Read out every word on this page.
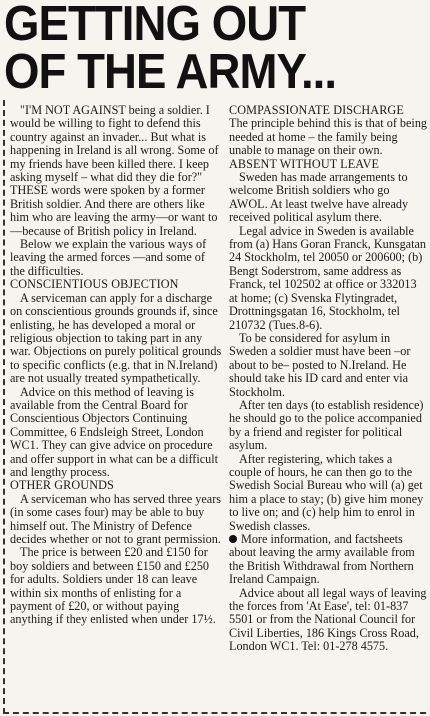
GETTING OUT
OF THE ARMY...

"I'M NOT AGAINST being a soldier. I would be willing to fight to defend this country against an invader... But what is happening in Ireland is all wrong. Some of my friends have been killed there. I keep asking myself – what did they die for?"

THESE words were spoken by a former British soldier. And there are others like him who are leaving the army—or want to—because of British policy in Ireland.

Below we explain the various ways of leaving the armed forces —and some of the difficulties.

CONSCIENTIOUS OBJECTION

A serviceman can apply for a discharge on conscientious grounds grounds if, since enlisting, he has developed a moral or religious objection to taking part in any war. Objections on purely political grounds to specific conflicts (e.g. that in N.Ireland) are not usually treated sympathetically.

Advice on this method of leaving is available from the Central Board for Conscientious Objectors Continuing Committee, 6 Endsleigh Street, London WC1. They can give advice on procedure and offer support in what can be a difficult and lengthy process.

OTHER GROUNDS

A serviceman who has served three years (in some cases four) may be able to buy himself out. The Ministry of Defence decides whether or not to grant permission.

The price is between £20 and £150 for boy soldiers and between £150 and £250 for adults. Soldiers under 18 can leave within six months of enlisting for a payment of £20, or without paying anything if they enlisted when under 17½.

COMPASSIONATE DISCHARGE

The principle behind this is that of being needed at home – the family being unable to manage on their own.

ABSENT WITHOUT LEAVE

Sweden has made arrangements to welcome British soldiers who go AWOL. At least twelve have already received political asylum there.

Legal advice in Sweden is available from (a) Hans Goran Franck, Kunsgatan 24 Stockholm, tel 20050 or 200600; (b) Bengt Soderstrom, same address as Franck, tel 102502 at office or 332013 at home; (c) Svenska Flytingradet, Drottningsgatan 16, Stockholm, tel 210732 (Tues.8-6).

To be considered for asylum in Sweden a soldier must have been –or about to be– posted to N.Ireland. He should take his ID card and enter via Stockholm.

After ten days (to establish residence) he should go to the police accompanied by a friend and register for political asylum.

After registering, which takes a couple of hours, he can then go to the Swedish Social Bureau who will (a) get him a place to stay; (b) give him money to live on; and (c) help him to enrol in Swedish classes.

More information, and factsheets about leaving the army available from the British Withdrawal from Northern Ireland Campaign.

Advice about all legal ways of leaving the forces from 'At Ease', tel: 01-837 5501 or from the National Council for Civil Liberties, 186 Kings Cross Road, London WC1. Tel: 01-278 4575.
